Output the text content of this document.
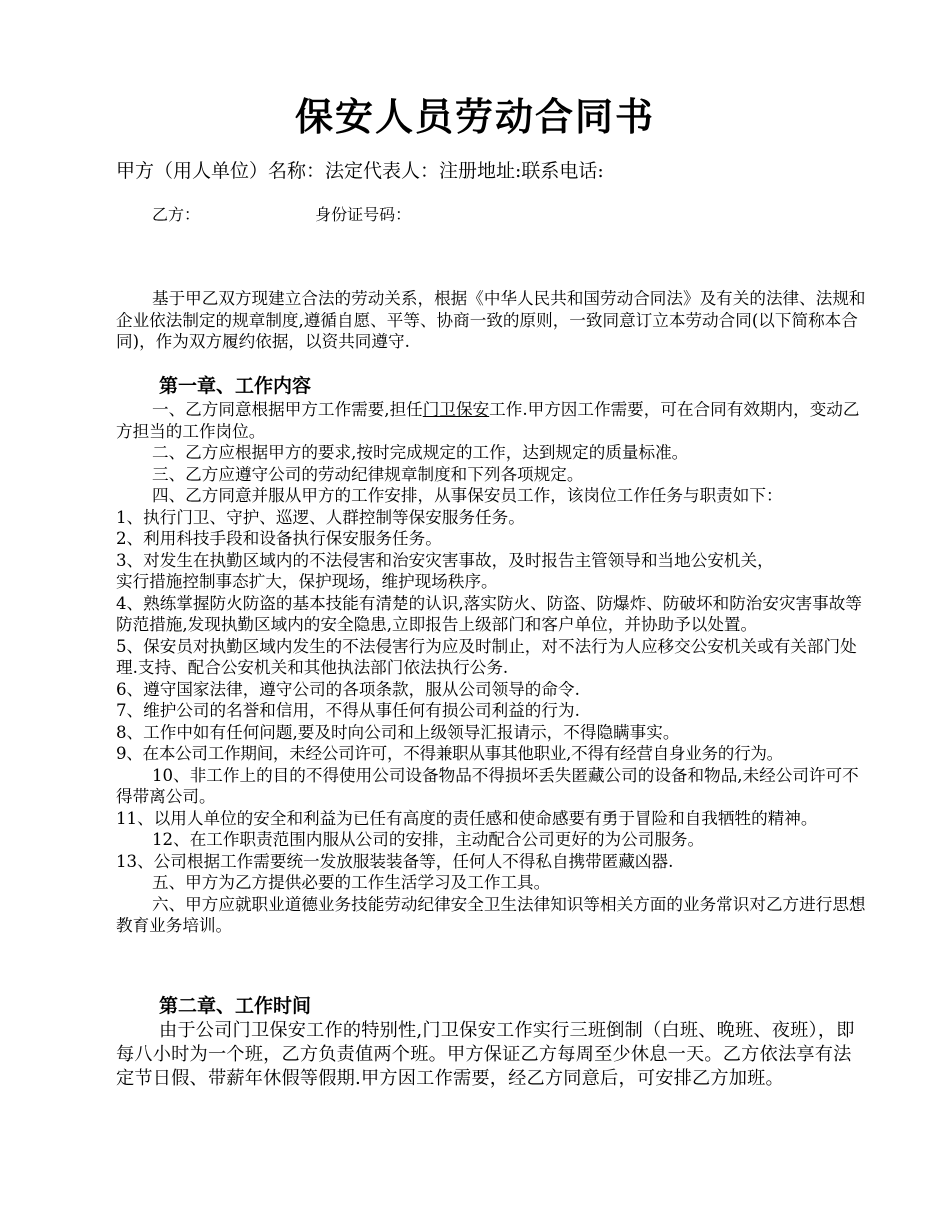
保安人员劳动合同书
甲方（用人单位）名称：法定代表人：注册地址:联系电话:
乙方：	身份证号码：

基于甲乙双方现建立合法的劳动关系，根据《中华人民共和国劳动合同法》及有关的法律、法规和企业依法制定的规章制度,遵循自愿、平等、协商一致的原则，一致同意订立本劳动合同(以下简称本合同)，作为双方履约依据，以资共同遵守.

第一章、工作内容

一、乙方同意根据甲方工作需要,担任门卫保安工作.甲方因工作需要，可在合同有效期内，变动乙方担当的工作岗位。

二、乙方应根据甲方的要求,按时完成规定的工作，达到规定的质量标准。

三、乙方应遵守公司的劳动纪律规章制度和下列各项规定。

四、乙方同意并服从甲方的工作安排，从事保安员工作，该岗位工作任务与职责如下：

1、执行门卫、守护、巡逻、人群控制等保安服务任务。

2、利用科技手段和设备执行保安服务任务。

3、对发生在执勤区域内的不法侵害和治安灾害事故，及时报告主管领导和当地公安机关，

实行措施控制事态扩大，保护现场，维护现场秩序。

4、熟练掌握防火防盗的基本技能有清楚的认识,落实防火、防盗、防爆炸、防破坏和防治安灾害事故等防范措施,发现执勤区域内的安全隐患,立即报告上级部门和客户单位，并协助予以处置。

5、保安员对执勤区域内发生的不法侵害行为应及时制止，对不法行为人应移交公安机关或有关部门处理.支持、配合公安机关和其他执法部门依法执行公务.

6、遵守国家法律，遵守公司的各项条款，服从公司领导的命令.

7、维护公司的名誉和信用，不得从事任何有损公司利益的行为.

8、工作中如有任何问题,要及时向公司和上级领导汇报请示，不得隐瞒事实。

9、在本公司工作期间，未经公司许可，不得兼职从事其他职业,不得有经营自身业务的行为。

10、非工作上的目的不得使用公司设备物品不得损坏丢失匿藏公司的设备和物品,未经公司许可不得带离公司。

11、以用人单位的安全和利益为已任有高度的责任感和使命感要有勇于冒险和自我牺牲的精神。

12、在工作职责范围内服从公司的安排，主动配合公司更好的为公司服务。

13、公司根据工作需要统一发放服装装备等，任何人不得私自携带匿藏凶器.

五、甲方为乙方提供必要的工作生活学习及工作工具。

六、甲方应就职业道德业务技能劳动纪律安全卫生法律知识等相关方面的业务常识对乙方进行思想教育业务培训。

第二章、工作时间

由于公司门卫保安工作的特别性,门卫保安工作实行三班倒制（白班、晚班、夜班），即每八小时为一个班，乙方负责值两个班。甲方保证乙方每周至少休息一天。乙方依法享有法定节日假、带薪年休假等假期.甲方因工作需要，经乙方同意后，可安排乙方加班。
